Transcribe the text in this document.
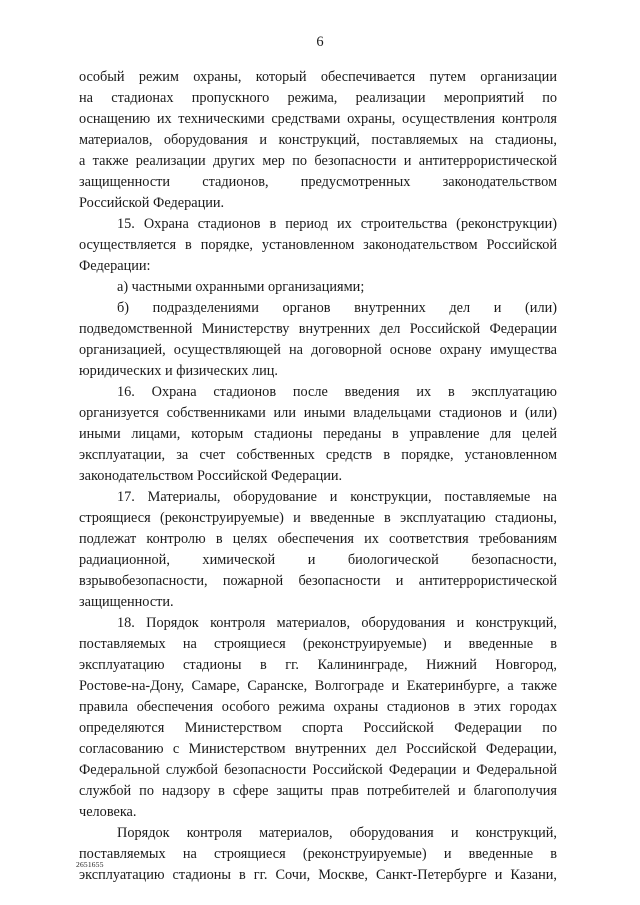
6
особый режим охраны, который обеспечивается путем организации
на стадионах пропускного режима, реализации мероприятий по
оснащению их техническими средствами охраны, осуществления контроля
материалов, оборудования и конструкций, поставляемых на стадионы,
а также реализации других мер по безопасности и антитеррористической
защищенности стадионов, предусмотренных законодательством
Российской Федерации.
15. Охрана стадионов в период их строительства (реконструкции)
осуществляется в порядке, установленном законодательством Российской
Федерации:
а) частными охранными организациями;
б) подразделениями органов внутренних дел и (или)
подведомственной Министерству внутренних дел Российской Федерации
организацией, осуществляющей на договорной основе охрану имущества
юридических и физических лиц.
16. Охрана стадионов после введения их в эксплуатацию
организуется собственниками или иными владельцами стадионов и (или)
иными лицами, которым стадионы переданы в управление для целей
эксплуатации, за счет собственных средств в порядке, установленном
законодательством Российской Федерации.
17. Материалы, оборудование и конструкции, поставляемые на
строящиеся (реконструируемые) и введенные в эксплуатацию стадионы,
подлежат контролю в целях обеспечения их соответствия требованиям
радиационной, химической и биологической безопасности,
взрывобезопасности, пожарной безопасности и антитеррористической
защищенности.
18. Порядок контроля материалов, оборудования и конструкций,
поставляемых на строящиеся (реконструируемые) и введенные в
эксплуатацию стадионы в гг. Калининграде, Нижний Новгород,
Ростове-на-Дону, Самаре, Саранске, Волгограде и Екатеринбурге, а также
правила обеспечения особого режима охраны стадионов в этих городах
определяются Министерством спорта Российской Федерации по
согласованию с Министерством внутренних дел Российской Федерации,
Федеральной службой безопасности Российской Федерации и Федеральной
службой по надзору в сфере защиты прав потребителей и благополучия
человека.
Порядок контроля материалов, оборудования и конструкций,
поставляемых на строящиеся (реконструируемые) и введенные в
эксплуатацию стадионы в гг. Сочи, Москве, Санкт-Петербурге и Казани,
2651655
